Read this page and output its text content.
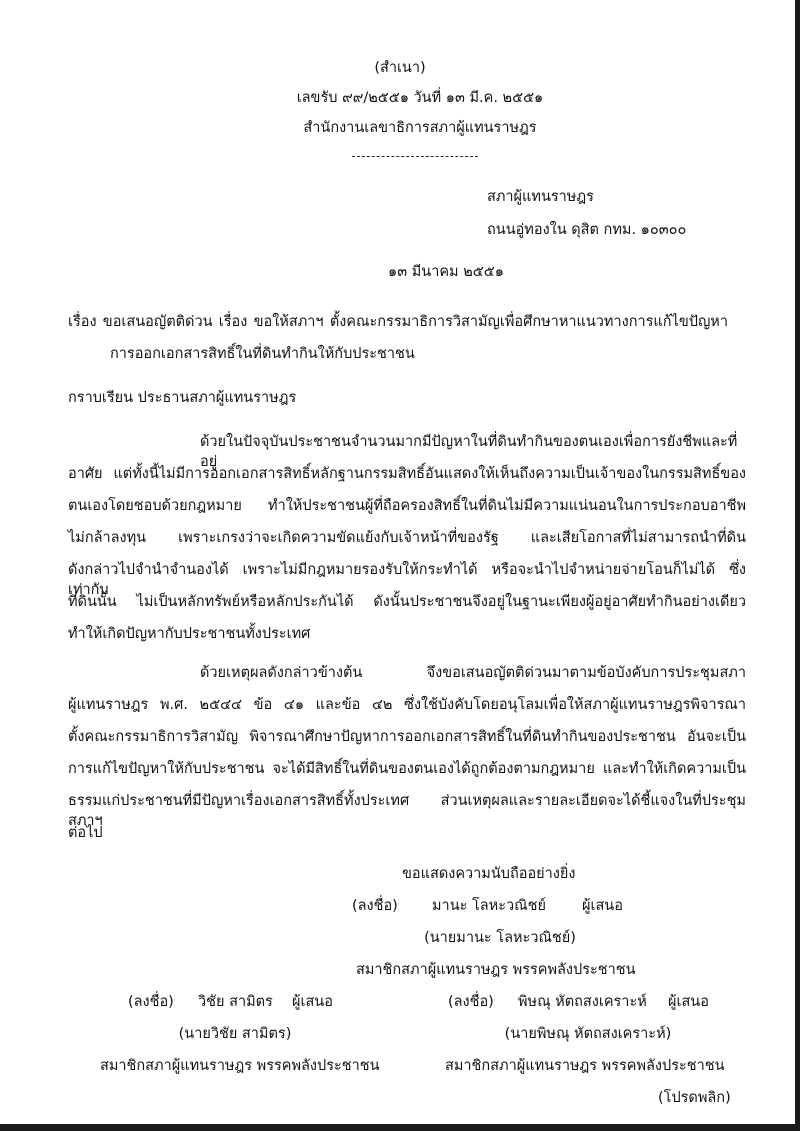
(สำเนา)
เลขรับ ๙๙/๒๕๕๑ วันที่ ๑๓ มี.ค. ๒๕๕๑
สำนักงานเลขาธิการสภาผู้แทนราษฎร
สภาผู้แทนราษฎร
ถนนอู่ทองใน ดุสิต กทม. ๑๐๓๐๐
๑๓ มีนาคม ๒๕๕๑
เรื่อง ขอเสนอญัตติด่วน เรื่อง ขอให้สภาฯ ตั้งคณะกรรมาธิการวิสามัญเพื่อศึกษาหาแนวทางการแก้ไขปัญหา
การออกเอกสารสิทธิ์ในที่ดินทำกินให้กับประชาชน
กราบเรียน ประธานสภาผู้แทนราษฎร
ด้วยในปัจจุบันประชาชนจำนวนมากมีปัญหาในที่ดินทำกินของตนเองเพื่อการยังชีพและที่อยู่
อาศัย แต่ทั้งนี้ไม่มีการออกเอกสารสิทธิ์หลักฐานกรรมสิทธิ์อันแสดงให้เห็นถึงความเป็นเจ้าของในกรรมสิทธิ์ของ
ตนเองโดยชอบด้วยกฎหมาย ทำให้ประชาชนผู้ที่ถือครองสิทธิ์ในที่ดินไม่มีความแน่นอนในการประกอบอาชีพ
ไม่กล้าลงทุน เพราะเกรงว่าจะเกิดความขัดแย้งกับเจ้าหน้าที่ของรัฐ และเสียโอกาสที่ไม่สามารถนำที่ดิน
ดังกล่าวไปจำนำจำนองได้ เพราะไม่มีกฎหมายรองรับให้กระทำได้ หรือจะนำไปจำหน่ายจ่ายโอนก็ไม่ได้ ซึ่งเท่ากับ
ที่ดินนั้น ไม่เป็นหลักทรัพย์หรือหลักประกันได้ ดังนั้นประชาชนจึงอยู่ในฐานะเพียงผู้อยู่อาศัยทำกินอย่างเดียว
ทำให้เกิดปัญหากับประชาชนทั้งประเทศ
ด้วยเหตุผลดังกล่าวข้างต้น จึงขอเสนอญัตติด่วนมาตามข้อบังคับการประชุมสภา
ผู้แทนราษฎร พ.ศ. ๒๕๔๔ ข้อ ๔๑ และข้อ ๔๒ ซึ่งใช้บังคับโดยอนุโลมเพื่อให้สภาผู้แทนราษฎรพิจารณา
ตั้งคณะกรรมาธิการวิสามัญ พิจารณาศึกษาปัญหาการออกเอกสารสิทธิ์ในที่ดินทำกินของประชาชน อันจะเป็น
การแก้ไขปัญหาให้กับประชาชน จะได้มีสิทธิ์ในที่ดินของตนเองได้ถูกต้องตามกฎหมาย และทำให้เกิดความเป็น
ธรรมแก่ประชาชนที่มีปัญหาเรื่องเอกสารสิทธิ์ทั้งประเทศ ส่วนเหตุผลและรายละเอียดจะได้ชี้แจงในที่ประชุมสภาฯ
ต่อไป
ขอแสดงความนับถืออย่างยิ่ง
(ลงชื่อ) มานะ โลหะวณิชย์ ผู้เสนอ
(นายมานะ โลหะวณิชย์)
สมาชิกสภาผู้แทนราษฎร พรรคพลังประชาชน
(ลงชื่อ) วิชัย สามิตร ผู้เสนอ
(นายวิชัย สามิตร)
สมาชิกสภาผู้แทนราษฎร พรรคพลังประชาชน
(ลงชื่อ) พิษณุ หัตถสงเคราะห์ ผู้เสนอ
(นายพิษณุ หัตถสงเคราะห์)
สมาชิกสภาผู้แทนราษฎร พรรคพลังประชาชน
(โปรดพลิก)
